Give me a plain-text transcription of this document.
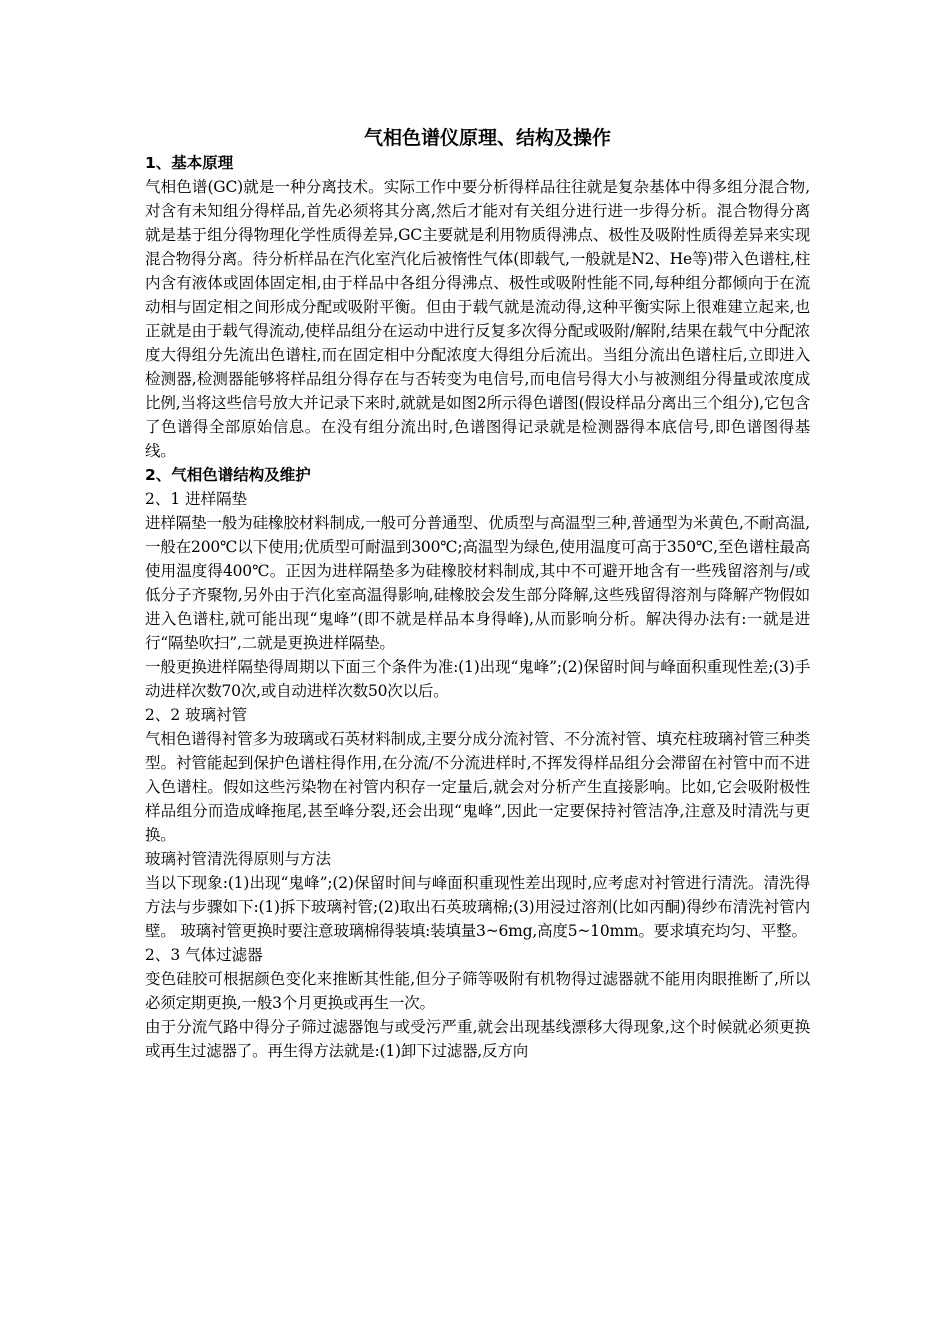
气相色谱仪原理、结构及操作
1、基本原理
气相色谱(GC)就是一种分离技术。实际工作中要分析得样品往往就是复杂基体中得多组分混合物,对含有未知组分得样品,首先必须将其分离,然后才能对有关组分进行进一步得分析。混合物得分离就是基于组分得物理化学性质得差异,GC主要就是利用物质得沸点、极性及吸附性质得差异来实现混合物得分离。待分析样品在汽化室汽化后被惰性气体(即载气,一般就是N2、He等)带入色谱柱,柱内含有液体或固体固定相,由于样品中各组分得沸点、极性或吸附性能不同,每种组分都倾向于在流动相与固定相之间形成分配或吸附平衡。但由于载气就是流动得,这种平衡实际上很难建立起来,也正就是由于载气得流动,使样品组分在运动中进行反复多次得分配或吸附/解附,结果在载气中分配浓度大得组分先流出色谱柱,而在固定相中分配浓度大得组分后流出。当组分流出色谱柱后,立即进入检测器,检测器能够将样品组分得存在与否转变为电信号,而电信号得大小与被测组分得量或浓度成比例,当将这些信号放大并记录下来时,就就是如图2所示得色谱图(假设样品分离出三个组分),它包含了色谱得全部原始信息。在没有组分流出时,色谱图得记录就是检测器得本底信号,即色谱图得基线。
2、气相色谱结构及维护
2、1 进样隔垫
进样隔垫一般为硅橡胶材料制成,一般可分普通型、优质型与高温型三种,普通型为米黄色,不耐高温,一般在200℃以下使用;优质型可耐温到300℃;高温型为绿色,使用温度可高于350℃,至色谱柱最高使用温度得400℃。正因为进样隔垫多为硅橡胶材料制成,其中不可避开地含有一些残留溶剂与/或低分子齐聚物,另外由于汽化室高温得影响,硅橡胶会发生部分降解,这些残留得溶剂与降解产物假如进入色谱柱,就可能出现“鬼峰”(即不就是样品本身得峰),从而影响分析。解决得办法有:一就是进行“隔垫吹扫”,二就是更换进样隔垫。
一般更换进样隔垫得周期以下面三个条件为准:(1)出现“鬼峰”;(2)保留时间与峰面积重现性差;(3)手动进样次数70次,或自动进样次数50次以后。
2、2 玻璃衬管
气相色谱得衬管多为玻璃或石英材料制成,主要分成分流衬管、不分流衬管、填充柱玻璃衬管三种类型。衬管能起到保护色谱柱得作用,在分流/不分流进样时,不挥发得样品组分会滞留在衬管中而不进入色谱柱。假如这些污染物在衬管内积存一定量后,就会对分析产生直接影响。比如,它会吸附极性样品组分而造成峰拖尾,甚至峰分裂,还会出现“鬼峰”,因此一定要保持衬管洁净,注意及时清洗与更换。
玻璃衬管清洗得原则与方法
当以下现象:(1)出现“鬼峰”;(2)保留时间与峰面积重现性差出现时,应考虑对衬管进行清洗。清洗得方法与步骤如下:(1)拆下玻璃衬管;(2)取出石英玻璃棉;(3)用浸过溶剂(比如丙酮)得纱布清洗衬管内壁。 玻璃衬管更换时要注意玻璃棉得装填:装填量3~6mg,高度5~10mm。要求填充均匀、平整。
2、3 气体过滤器
变色硅胶可根据颜色变化来推断其性能,但分子筛等吸附有机物得过滤器就不能用肉眼推断了,所以必须定期更换,一般3个月更换或再生一次。
由于分流气路中得分子筛过滤器饱与或受污严重,就会出现基线漂移大得现象,这个时候就必须更换或再生过滤器了。再生得方法就是:(1)卸下过滤器,反方向
